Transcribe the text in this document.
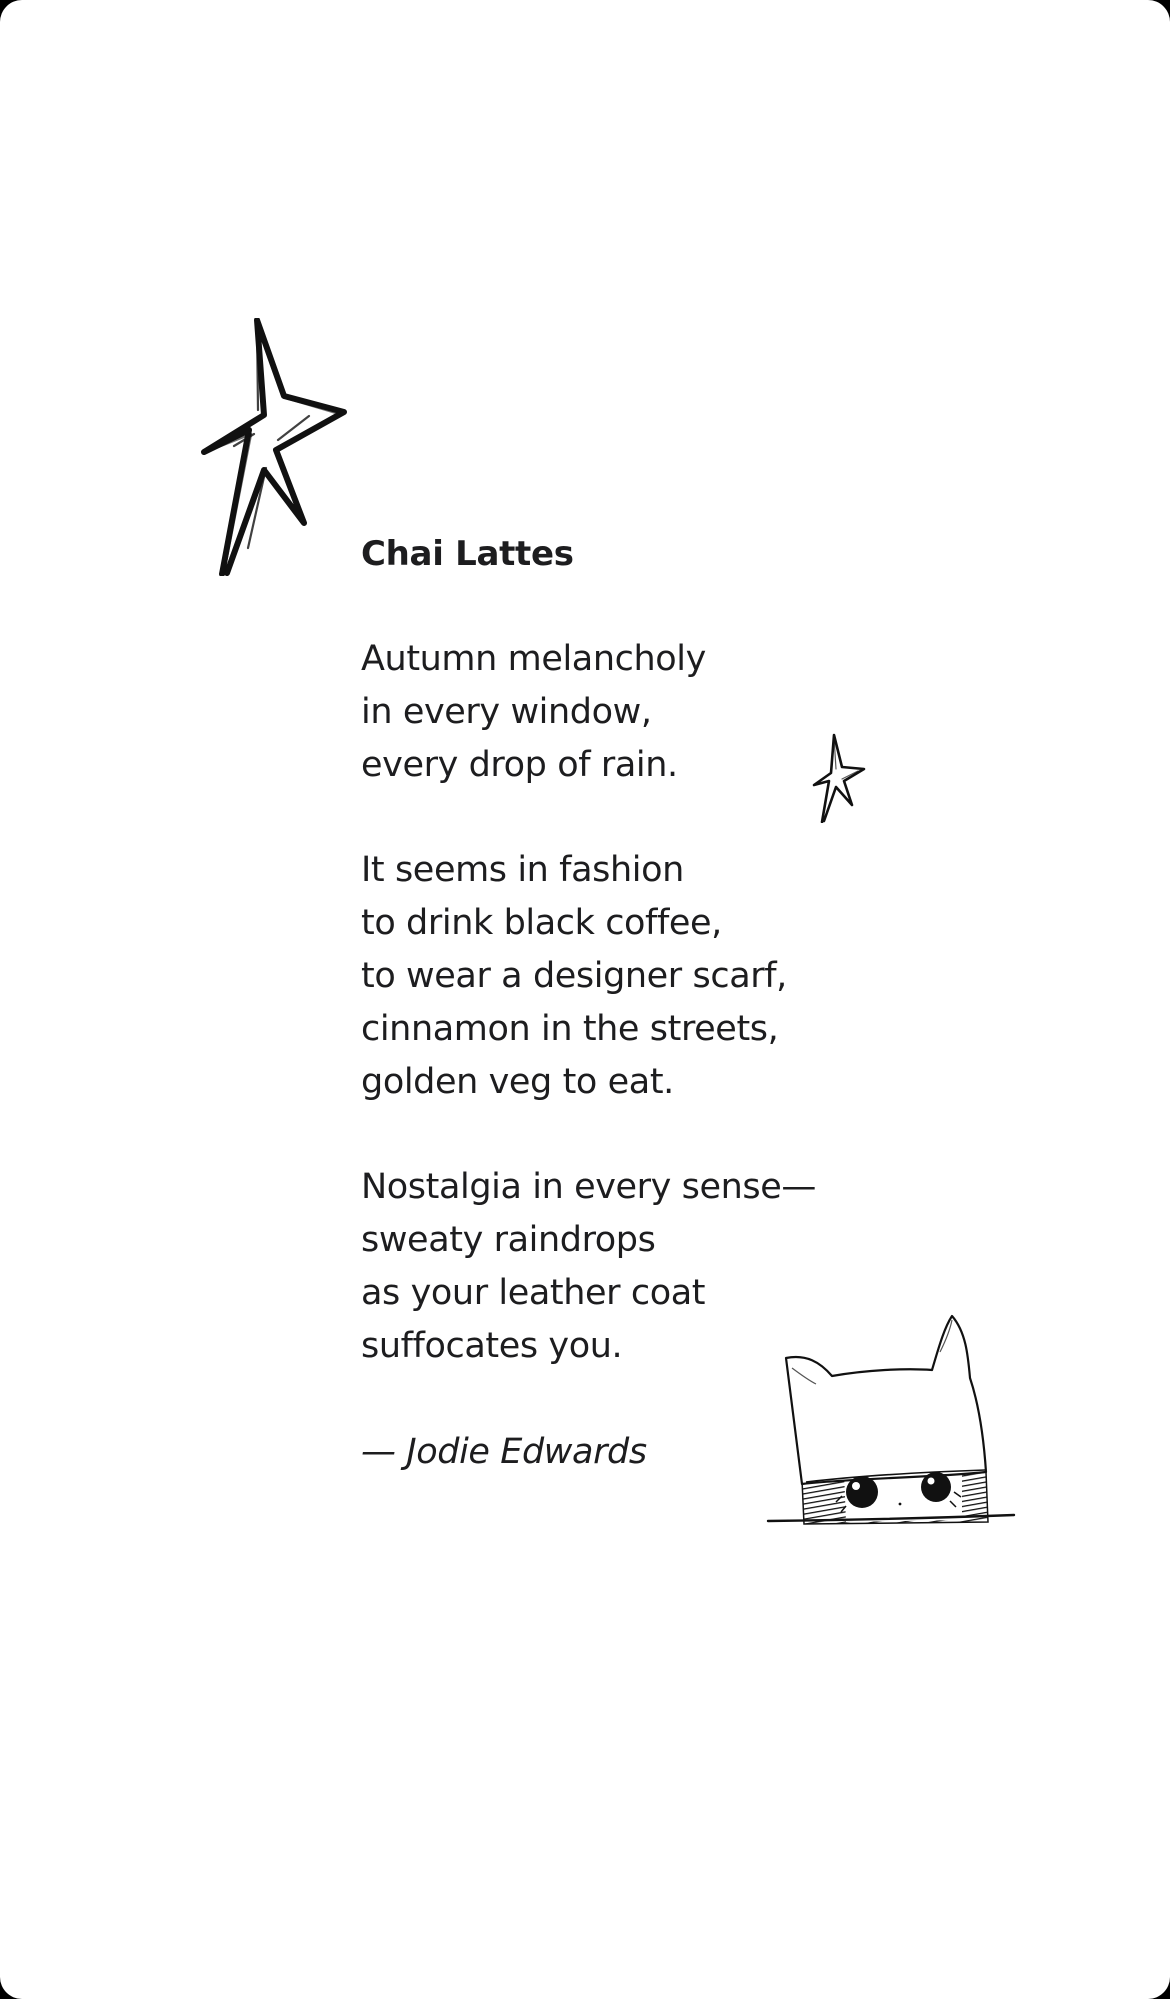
Chai Lattes
Autumn melancholy
in every window,
every drop of rain.
It seems in fashion
to drink black coffee,
to wear a designer scarf,
cinnamon in the streets,
golden veg to eat.
Nostalgia in every sense—
sweaty raindrops
as your leather coat
suffocates you.
— Jodie Edwards
